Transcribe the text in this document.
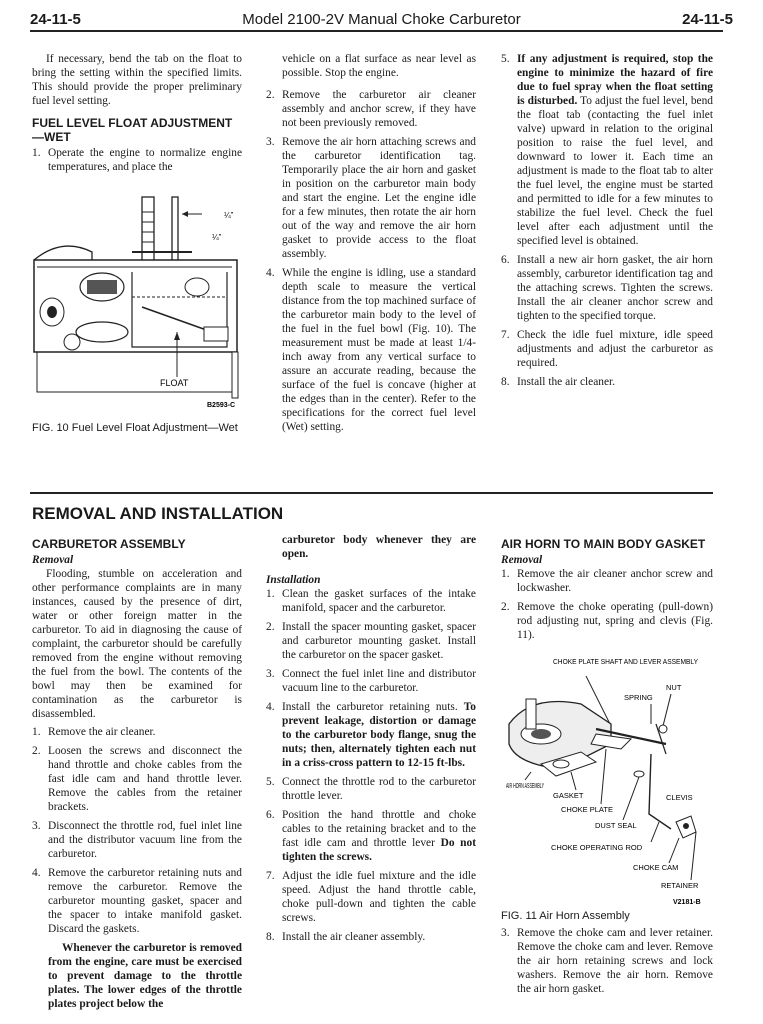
24-11-5	Model 2100-2V Manual Choke Carburetor	24-11-5

If necessary, bend the tab on the float to bring the setting within the specified limits. This should provide the proper preliminary fuel level setting.

FUEL LEVEL FLOAT ADJUSTMENT—WET
1. Operate the engine to normalize engine temperatures, and place the
¼”
¼”
FLOAT
B2593-C
FIG. 10 Fuel Level Float Adjustment—Wet

vehicle on a flat surface as near level as possible. Stop the engine.

2. Remove the carburetor air cleaner assembly and anchor screw, if they have not been previously removed.
3. Remove the air horn attaching screws and the carburetor identification tag. Temporarily place the air horn and gasket in position on the carburetor main body and start the engine. Let the engine idle for a few minutes, then rotate the air horn out of the way and remove the air horn gasket to provide access to the float assembly.
4. While the engine is idling, use a standard depth scale to measure the vertical distance from the top machined surface of the carburetor main body to the level of the fuel in the fuel bowl (Fig. 10). The measurement must be made at least 1/4-inch away from any vertical surface to assure an accurate reading, because the surface of the fuel is concave (higher at the edges than in the center). Refer to the specifications for the correct fuel level (Wet) setting.
5. If any adjustment is required, stop the engine to minimize the hazard of fire due to fuel spray when the float setting is disturbed. To adjust the fuel level, bend the float tab (contacting the fuel inlet valve) upward in relation to the original position to raise the fuel level, and downward to lower it. Each time an adjustment is made to the float tab to alter the fuel level, the engine must be started and permitted to idle for a few minutes to stabilize the fuel level. Check the fuel level after each adjustment until the specified level is obtained.
6. Install a new air horn gasket, the air horn assembly, carburetor identification tag and the attaching screws. Tighten the screws. Install the air cleaner anchor screw and tighten to the specified torque.
7. Check the idle fuel mixture, idle speed adjustments and adjust the carburetor as required.
8. Install the air cleaner.
REMOVAL AND INSTALLATION
CARBURETOR ASSEMBLY

Removal

Flooding, stumble on acceleration and other performance complaints are in many instances, caused by the presence of dirt, water or other foreign matter in the carburetor. To aid in diagnosing the cause of complaint, the carburetor should be carefully removed from the engine without removing the fuel from the bowl. The contents of the bowl may then be examined for contamination as the carburetor is disassembled.

1. Remove the air cleaner.
2. Loosen the screws and disconnect the hand throttle and choke cables from the fast idle cam and hand throttle lever. Remove the cables from the retainer brackets.
3. Disconnect the throttle rod, fuel inlet line and the distributor vacuum line from the carburetor.
4. Remove the carburetor retaining nuts and remove the carburetor. Remove the carburetor mounting gasket, spacer and the spacer to intake manifold gasket. Discard the gaskets.

Whenever the carburetor is removed from the engine, care must be exercised to prevent damage to the throttle plates. The lower edges of the throttle plates project below the

carburetor body whenever they are open.

Installation

1. Clean the gasket surfaces of the intake manifold, spacer and the carburetor.
2. Install the spacer mounting gasket, spacer and carburetor mounting gasket. Install the carburetor on the spacer gasket.
3. Connect the fuel inlet line and distributor vacuum line to the carburetor.
4. Install the carburetor retaining nuts. To prevent leakage, distortion or damage to the carburetor body flange, snug the nuts; then, alternately tighten each nut in a criss-cross pattern to 12-15 ft-lbs.
5. Connect the throttle rod to the carburetor throttle lever.
6. Position the hand throttle and choke cables to the retaining bracket and to the fast idle cam and throttle lever Do not tighten the screws.
7. Adjust the idle fuel mixture and the idle speed. Adjust the hand throttle cable, choke pull-down and tighten the cable screws.
8. Install the air cleaner assembly.
AIR HORN TO MAIN BODY GASKET

Removal

1. Remove the air cleaner anchor screw and lockwasher.
2. Remove the choke operating (pull-down) rod adjusting nut, spring and clevis (Fig. 11).
CHOKE PLATE SHAFT AND LEVER ASSEMBLY
NUT
SPRING
AIR HORN ASSEMBLY
GASKET	CLEVIS
CHOKE PLATE
DUST SEAL
CHOKE OPERATING ROD
CHOKE CAM
RETAINER
V2181-B
FIG. 11 Air Horn Assembly
3. Remove the choke cam and lever retainer. Remove the choke cam and lever. Remove the air horn retaining screws and lock washers. Remove the air horn. Remove the air horn gasket.
